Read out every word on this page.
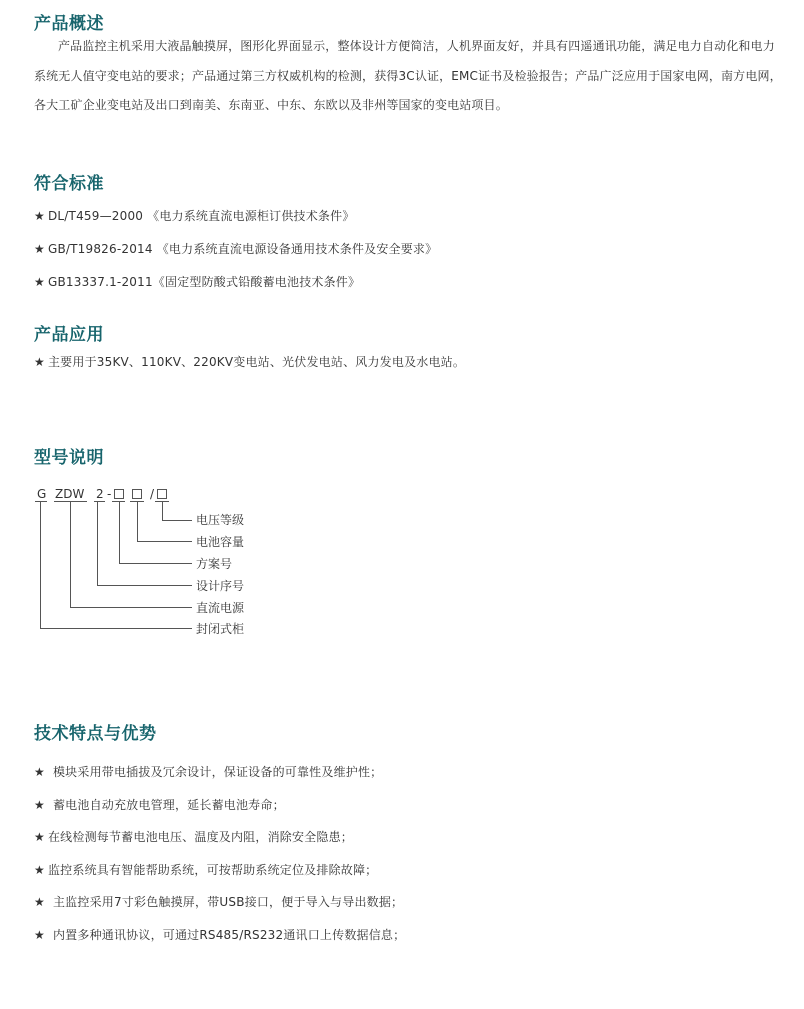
产品概述

产品监控主机采用大液晶触摸屏，图形化界面显示，整体设计方便简洁，人机界面友好，并具有四遥通讯功能，满足电力自动化和电力系统无人值守变电站的要求；产品通过第三方权威机构的检测，获得3C认证，EMC证书及检验报告；产品广泛应用于国家电网，南方电网，各大工矿企业变电站及出口到南美、东南亚、中东、东欧以及非州等国家的变电站项目。

符合标准

★ DL/T459—2000 《电力系统直流电源柜订供技术条件》

★ GB/T19826-2014 《电力系统直流电源设备通用技术条件及安全要求》

★ GB13337.1-2011《固定型防酸式铅酸蓄电池技术条件》

产品应用

★ 主要用于35KV、110KV、220KV变电站、光伏发电站、风力发电及水电站。

型号说明
G ZDW 2 -	/
电压等级
电池容量
方案号
设计序号
直流电源
封闭式柜
技术特点与优势

★ 模块采用带电插拔及冗余设计，保证设备的可靠性及维护性；

★ 蓄电池自动充放电管理，延长蓄电池寿命；

★ 在线检测每节蓄电池电压、温度及内阻，消除安全隐患；

★ 监控系统具有智能帮助系统，可按帮助系统定位及排除故障；

★ 主监控采用7寸彩色触摸屏，带USB接口，便于导入与导出数据；

★ 内置多种通讯协议，可通过RS485/RS232通讯口上传数据信息；
